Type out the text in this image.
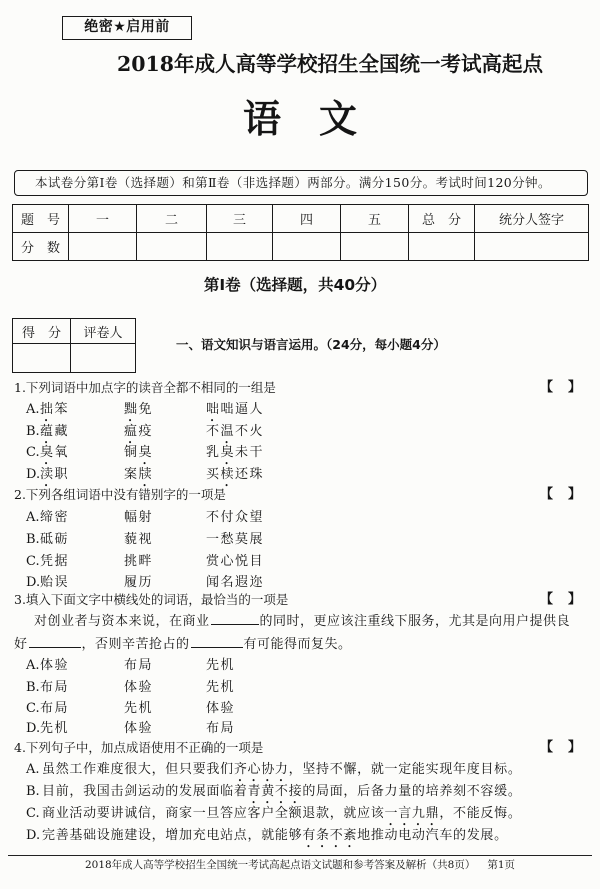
绝密★启用前
2018年成人高等学校招生全国统一考试高起点
语　文
本试卷分第Ⅰ卷（选择题）和第Ⅱ卷（非选择题）两部分。满分150分。考试时间120分钟。
题　号	一	二	三	四	五	总　分	统分人签字
分　数							
第Ⅰ卷（选择题，共40分）
得　分	评卷人

一、语文知识与语言运用。（24分，每小题4分）
1.下列词语中加点字的读音全都不相同的一组是	【　】
A.拙笨	黜免	咄咄逼人
B.蕴藏	瘟疫	不温不火
C.臭氧	铜臭	乳臭未干
D.渎职	案牍	买椟还珠
2.下列各组词语中没有错别字的一项是	【　】
A.缔密	幅射	不付众望
B.砥砺	藐视	一愁莫展
C.凭据	挑畔	赏心悦目
D.贻误	履历	闻名遐迩
3.填入下面文字中横线处的词语，最恰当的一项是	【　】
对创业者与资本来说，在商业	的同时，更应该注重线下服务，尤其是向用户提供良
好	，否则辛苦抢占的	有可能得而复失。
A.体验	布局	先机
B.布局	体验	先机
C.布局	先机	体验
D.先机	体验	布局
4.下列句子中，加点成语使用不正确的一项是	【　】
A. 虽然工作难度很大，但只要我们齐心协力，坚持不懈，就一定能实现年度目标。
B. 目前，我国击剑运动的发展面临着青黄不接的局面，后备力量的培养刻不容缓。
C. 商业活动要讲诚信，商家一旦答应客户全额退款，就应该一言九鼎，不能反悔。
D. 完善基础设施建设，增加充电站点，就能够有条不紊地推动电动汽车的发展。
2018年成人高等学校招生全国统一考试高起点语文试题和参考答案及解析（共8页） 第1页
